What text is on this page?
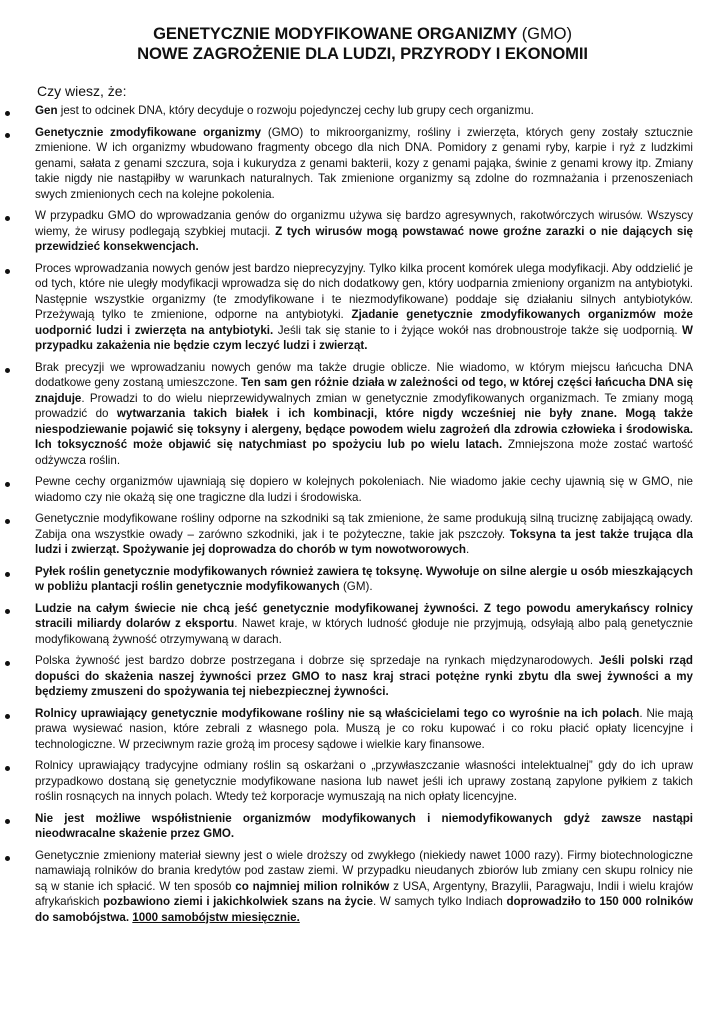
GENETYCZNIE MODYFIKOWANE ORGANIZMY (GMO)
NOWE ZAGROŻENIE DLA LUDZI, PRZYRODY I EKONOMII
Czy wiesz, że:
Gen jest to odcinek DNA, który decyduje o rozwoju pojedynczej cechy lub grupy cech organizmu.
Genetycznie zmodyfikowane organizmy (GMO) to mikroorganizmy, rośliny i zwierzęta, których geny zostały sztucznie zmienione. W ich organizmy wbudowano fragmenty obcego dla nich DNA. Pomidory z genami ryby, karpie i ryż z ludzkimi genami, sałata z genami szczura, soja i kukurydza z genami bakterii, kozy z genami pająka, świnie z genami krowy itp. Zmiany takie nigdy nie nastąpiłby w warunkach naturalnych. Tak zmienione organizmy są zdolne do rozmnażania i przenoszeniach swych zmienionych cech na kolejne pokolenia.
W przypadku GMO do wprowadzania genów do organizmu używa się bardzo agresywnych, rakotwórczych wirusów. Wszyscy wiemy, że wirusy podlegają szybkiej mutacji. Z tych wirusów mogą powstawać nowe groźne zarazki o nie dających się przewidzieć konsekwencjach.
Proces wprowadzania nowych genów jest bardzo nieprecyzyjny. Tylko kilka procent komórek ulega modyfikacji. Aby oddzielić je od tych, które nie uległy modyfikacji wprowadza się do nich dodatkowy gen, który uodparnia zmieniony organizm na antybiotyki. Następnie wszystkie organizmy (te zmodyfikowane i te niezmodyfikowane) poddaje się działaniu silnych antybiotyków. Przeżywają tylko te zmienione, odporne na antybiotyki. Zjadanie genetycznie zmodyfikowanych organizmów może uodpornić ludzi i zwierzęta na antybiotyki. Jeśli tak się stanie to i żyjące wokół nas drobnoustroje także się uodpornią. W przypadku zakażenia nie będzie czym leczyć ludzi i zwierząt.
Brak precyzji we wprowadzaniu nowych genów ma także drugie oblicze. Nie wiadomo, w którym miejscu łańcucha DNA dodatkowe geny zostaną umieszczone. Ten sam gen różnie działa w zależności od tego, w której części łańcucha DNA się znajduje. Prowadzi to do wielu nieprzewidywalnych zmian w genetycznie zmodyfikowanych organizmach. Te zmiany mogą prowadzić do wytwarzania takich białek i ich kombinacji, które nigdy wcześniej nie były znane. Mogą także niespodziewanie pojawić się toksyny i alergeny, będące powodem wielu zagrożeń dla zdrowia człowieka i środowiska. Ich toksyczność może objawić się natychmiast po spożyciu lub po wielu latach. Zmniejszona może zostać wartość odżywcza roślin.
Pewne cechy organizmów ujawniają się dopiero w kolejnych pokoleniach. Nie wiadomo jakie cechy ujawnią się w GMO, nie wiadomo czy nie okażą się one tragiczne dla ludzi i środowiska.
Genetycznie modyfikowane rośliny odporne na szkodniki są tak zmienione, że same produkują silną truciznę zabijającą owady. Zabija ona wszystkie owady – zarówno szkodniki, jak i te pożyteczne, takie jak pszczoły. Toksyna ta jest także trująca dla ludzi i zwierząt. Spożywanie jej doprowadza do chorób w tym nowotworowych.
Pyłek roślin genetycznie modyfikowanych również zawiera tę toksynę. Wywołuje on silne alergie u osób mieszkających w pobliżu plantacji roślin genetycznie modyfikowanych (GM).
Ludzie na całym świecie nie chcą jeść genetycznie modyfikowanej żywności. Z tego powodu amerykańscy rolnicy stracili miliardy dolarów z eksportu. Nawet kraje, w których ludność głoduje nie przyjmują, odsyłają albo palą genetycznie modyfikowaną żywność otrzymywaną w darach.
Polska żywność jest bardzo dobrze postrzegana i dobrze się sprzedaje na rynkach międzynarodowych. Jeśli polski rząd dopuści do skażenia naszej żywności przez GMO to nasz kraj straci potężne rynki zbytu dla swej żywności a my będziemy zmuszeni do spożywania tej niebezpiecznej żywności.
Rolnicy uprawiający genetycznie modyfikowane rośliny nie są właścicielami tego co wyrośnie na ich polach. Nie mają prawa wysiewać nasion, które zebrali z własnego pola. Muszą je co roku kupować i co roku płacić opłaty licencyjne i technologiczne. W przeciwnym razie grożą im procesy sądowe i wielkie kary finansowe.
Rolnicy uprawiający tradycyjne odmiany roślin są oskarżani o „przywłaszczanie własności intelektualnej” gdy do ich upraw przypadkowo dostaną się genetycznie modyfikowane nasiona lub nawet jeśli ich uprawy zostaną zapylone pyłkiem z takich roślin rosnących na innych polach. Wtedy też korporacje wymuszają na nich opłaty licencyjne.
Nie jest możliwe współistnienie organizmów modyfikowanych i niemodyfikowanych gdyż zawsze nastąpi nieodwracalne skażenie przez GMO.
Genetycznie zmieniony materiał siewny jest o wiele droższy od zwykłego (niekiedy nawet 1000 razy). Firmy biotechnologiczne namawiają rolników do brania kredytów pod zastaw ziemi. W przypadku nieudanych zbiorów lub zmiany cen skupu rolnicy nie są w stanie ich spłacić. W ten sposób co najmniej milion rolników z USA, Argentyny, Brazylii, Paragwaju, Indii i wielu krajów afrykańskich pozbawiono ziemi i jakichkolwiek szans na życie. W samych tylko Indiach doprowadziło to 150 000 rolników do samobójstwa. 1000 samobójstw miesięcznie.
